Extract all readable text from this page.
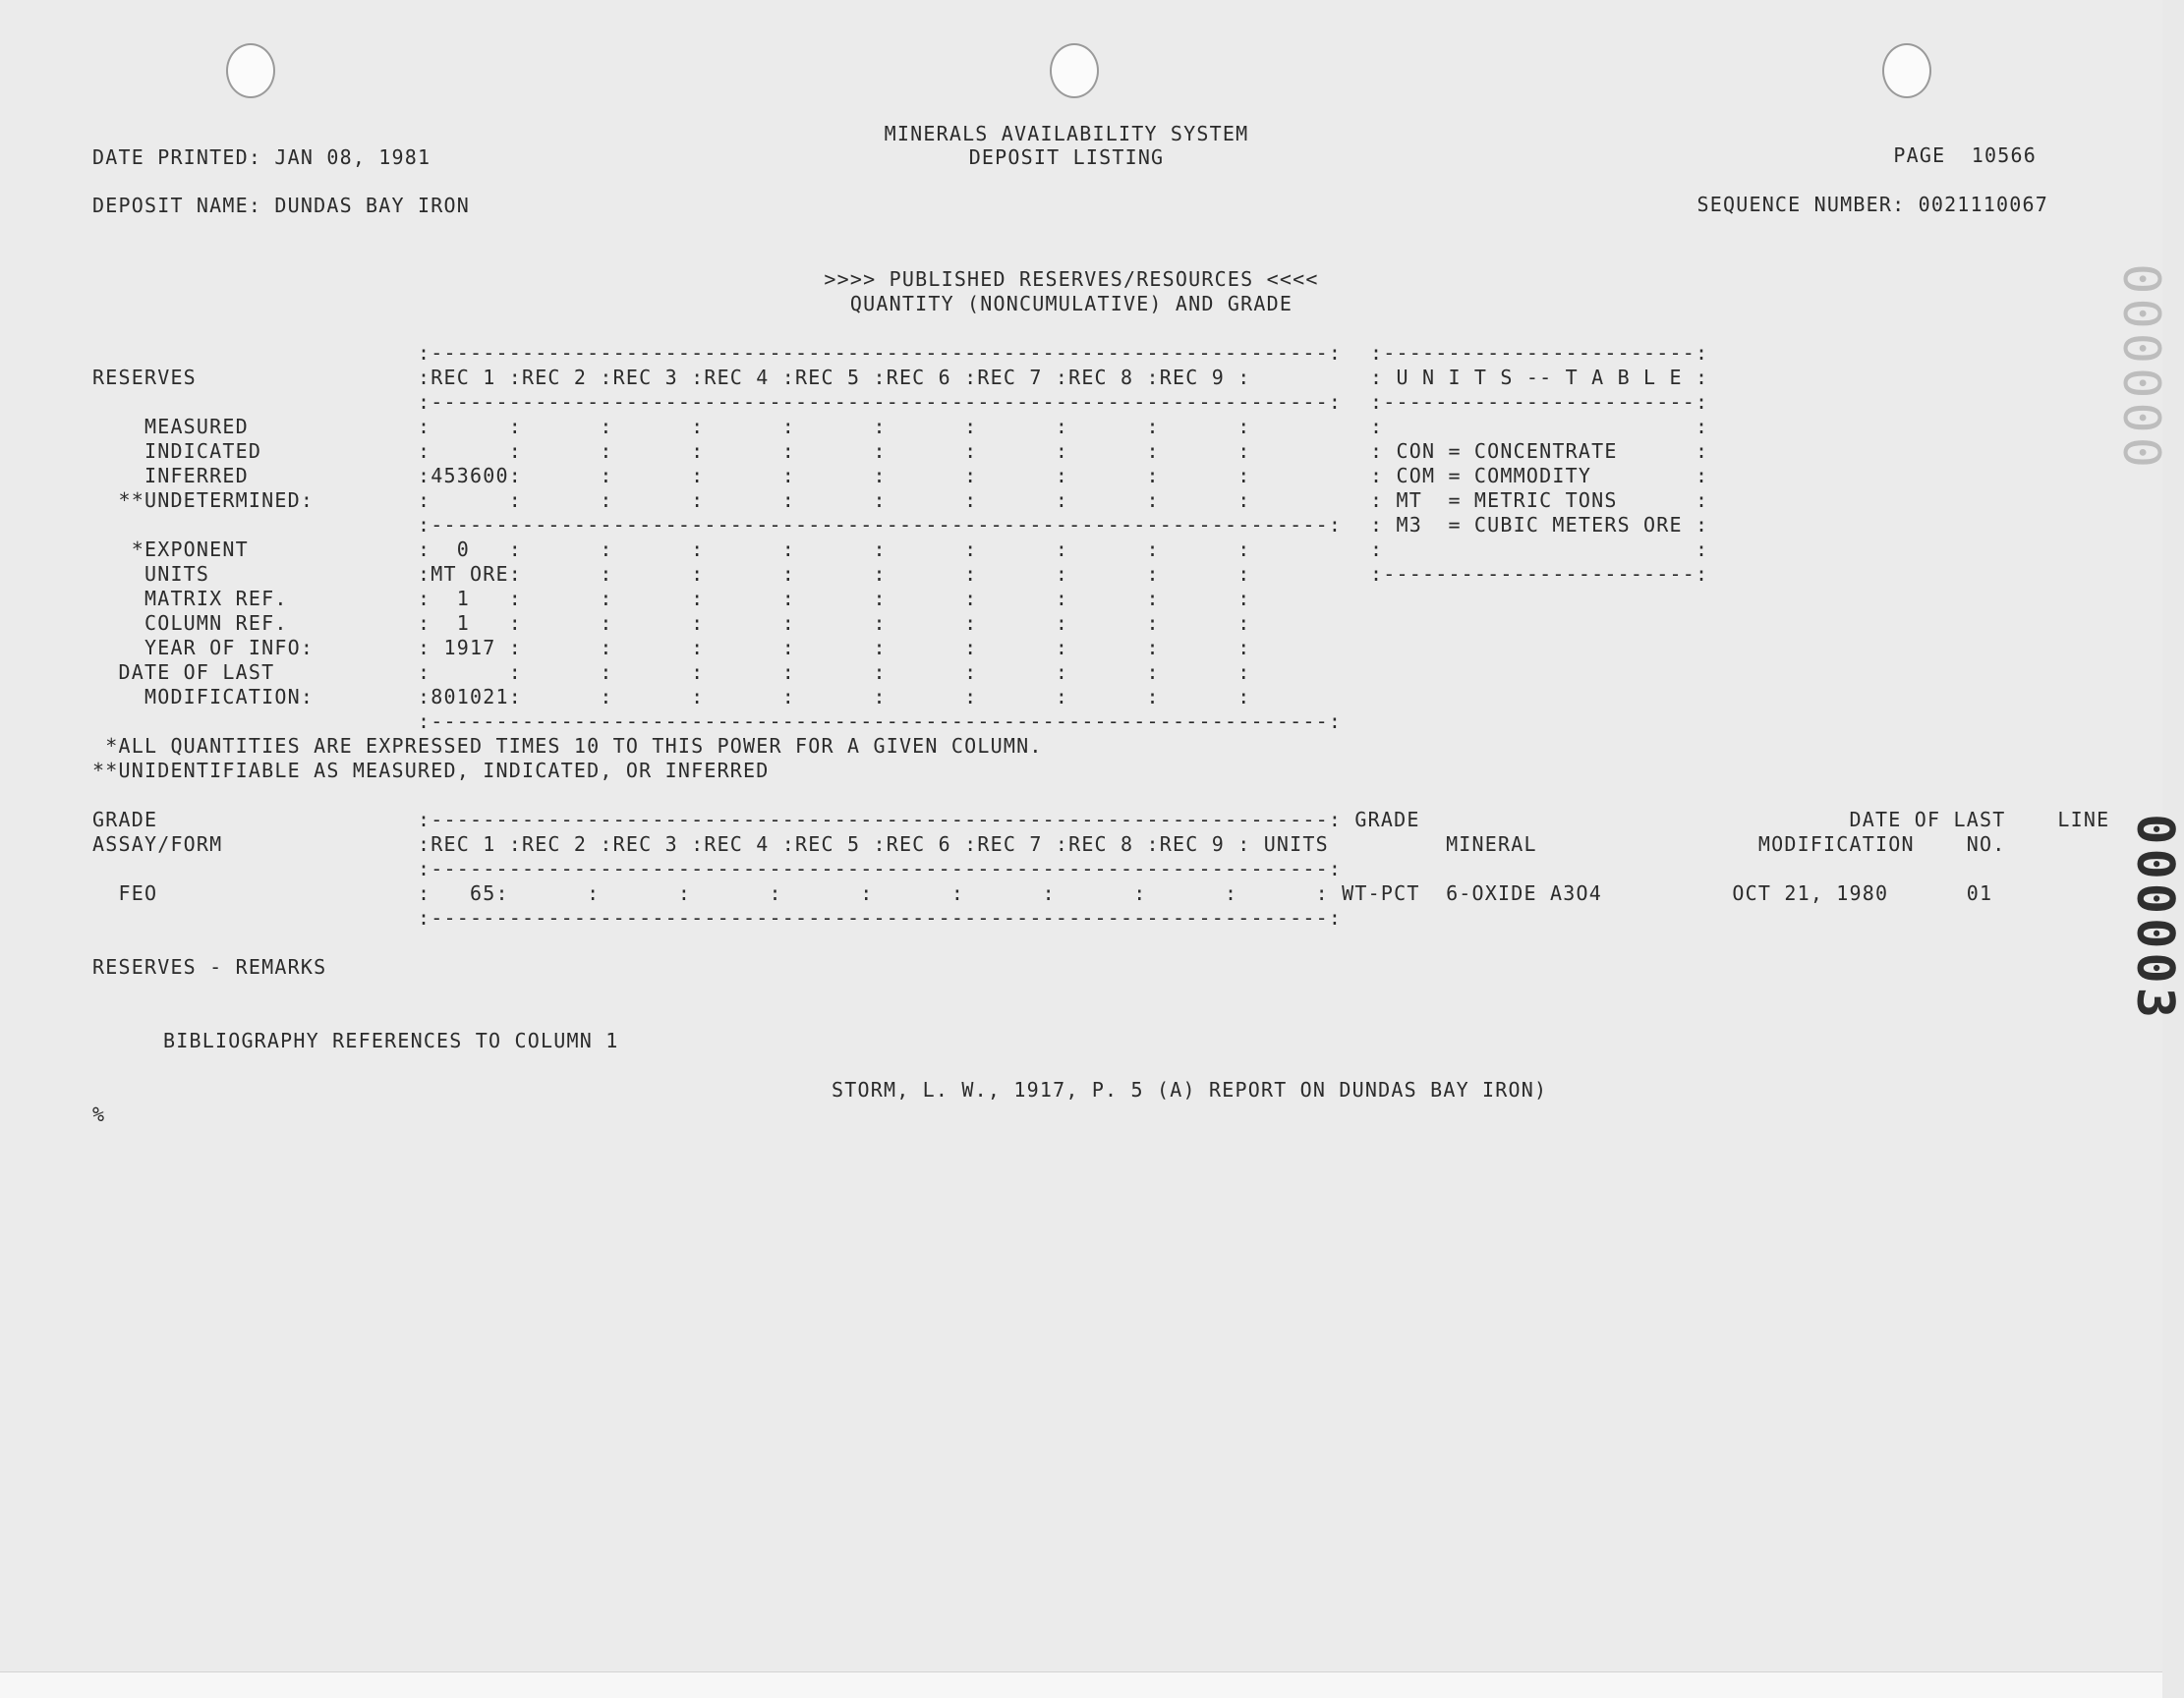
MINERALS AVAILABILITY SYSTEM
DEPOSIT LISTING
DATE PRINTED: JAN 08, 1981	PAGE  10566
DEPOSIT NAME: DUNDAS BAY IRON	SEQUENCE NUMBER: 0021110067
>>>> PUBLISHED RESERVES/RESOURCES <<<<
QUANTITY (NONCUMULATIVE) AND GRADE
:---------------------------------------------------------------------:
RESERVES                 :REC 1 :REC 2 :REC 3 :REC 4 :REC 5 :REC 6 :REC 7 :REC 8 :REC 9 :
:---------------------------------------------------------------------:
MEASURED             :      :      :      :      :      :      :      :      :      :
INDICATED            :      :      :      :      :      :      :      :      :      :
INFERRED             :453600:      :      :      :      :      :      :      :      :
**UNDETERMINED:        :      :      :      :      :      :      :      :      :      :
:---------------------------------------------------------------------:
*EXPONENT             :  0   :      :      :      :      :      :      :      :      :
UNITS                :MT ORE:      :      :      :      :      :      :      :      :
MATRIX REF.          :  1   :      :      :      :      :      :      :      :      :
COLUMN REF.          :  1   :      :      :      :      :      :      :      :      :
YEAR OF INFO:        : 1917 :      :      :      :      :      :      :      :      :
DATE OF LAST           :      :      :      :      :      :      :      :      :      :
MODIFICATION:        :801021:      :      :      :      :      :      :      :      :
:---------------------------------------------------------------------:
:------------------------:
: U N I T S -- T A B L E :
:------------------------:
:                        :
: CON = CONCENTRATE      :
: COM = COMMODITY        :
: MT  = METRIC TONS      :
: M3  = CUBIC METERS ORE :
:                        :
:------------------------:
*ALL QUANTITIES ARE EXPRESSED TIMES 10 TO THIS POWER FOR A GIVEN COLUMN.
**UNIDENTIFIABLE AS MEASURED, INDICATED, OR INFERRED
GRADE                    :---------------------------------------------------------------------: GRADE                                 DATE OF LAST    LINE
ASSAY/FORM               :REC 1 :REC 2 :REC 3 :REC 4 :REC 5 :REC 6 :REC 7 :REC 8 :REC 9 : UNITS         MINERAL                 MODIFICATION    NO.
:---------------------------------------------------------------------:
FEO                    :   65:      :      :      :      :      :      :      :      :      : WT-PCT  6-OXIDE A3O4          OCT 21, 1980      01
:---------------------------------------------------------------------:
RESERVES - REMARKS
BIBLIOGRAPHY REFERENCES TO COLUMN 1
STORM, L. W., 1917, P. 5 (A) REPORT ON DUNDAS BAY IRON)
%
000000
000003
